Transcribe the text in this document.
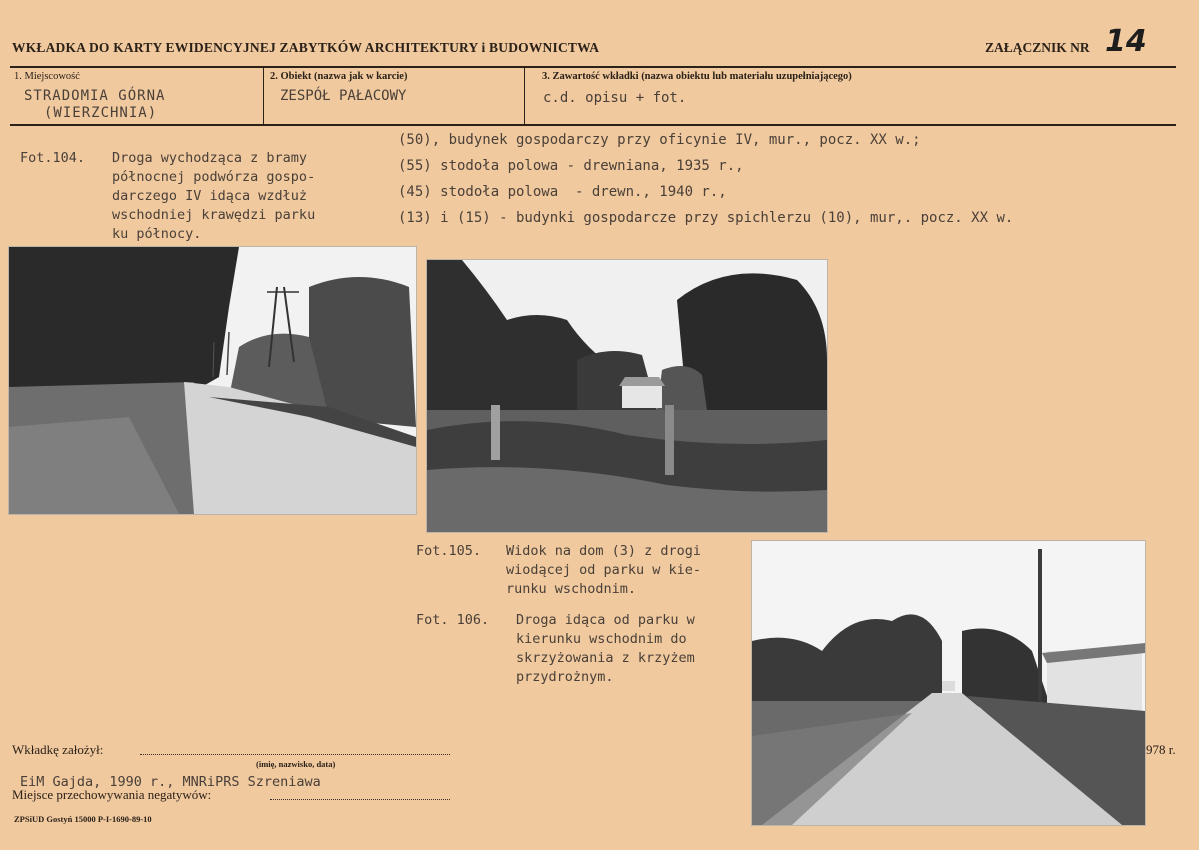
WKŁADKA DO KARTY EWIDENCYJNEJ ZABYTKÓW ARCHITEKTURY i BUDOWNICTWA	ZAŁĄCZNIK NR 14
1. Miejscowość
STRADOMIA GÓRNA
(WIERZCHNIA)
2. Obiekt (nazwa jak w karcie)
ZESPÓŁ PAŁACOWY
3. Zawartość wkładki (nazwa obiektu lub materiału uzupełniającego)
c.d. opisu + fot.
(50), budynek gospodarczy przy oficynie IV, mur., pocz. XX w.;
(55) stodoła polowa - drewniana, 1935 r.,
(45) stodoła polowa  - drewn., 1940 r.,
(13) i (15) - budynki gospodarcze przy spichlerzu (10), mur,. pocz. XX w.
Fot.104. Droga wychodząca z bramy
północnej podwórza gospo-
darczego IV idąca wzdłuż
wschodniej krawędzi parku
ku północy.
Fot.105. Widok na dom (3) z drogi
wiodącej od parku w kie-
runku wschodnim.
Fot. 106. Droga idąca od parku w
kierunku wschodnim do
skrzyżowania z krzyżem
przydrożnym.
Wkładkę założył:
(imię, nazwisko, data)
EiM Gajda, 1990 r., MNRiPRS Szreniawa
Miejsce przechowywania negatywów:
978 r.
ZPSiUD Gostyń 15000 P-I-1690-89-10
